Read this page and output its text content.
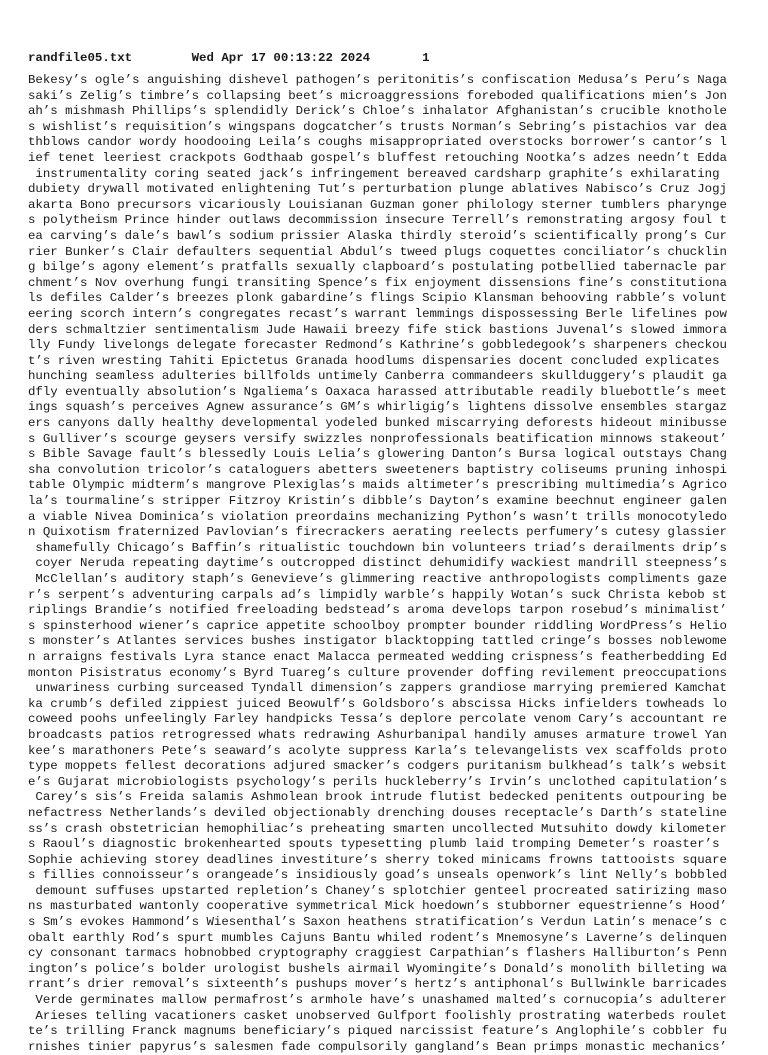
randfile05.txt	Wed Apr 17 00:13:22 2024	1
Bekesy’s ogle’s anguishing dishevel pathogen’s peritonitis’s confiscation Medusa’s Peru’s Naga
saki’s Zelig’s timbre’s collapsing beet’s microaggressions foreboded qualifications mien’s Jon
ah’s mishmash Phillips’s splendidly Derick’s Chloe’s inhalator Afghanistan’s crucible knothole
s wishlist’s requisition’s wingspans dogcatcher’s trusts Norman’s Sebring’s pistachios var dea
thblows candor wordy hoodooing Leila’s coughs misappropriated overstocks borrower’s cantor’s l
ief tenet leeriest crackpots Godthaab gospel’s bluffest retouching Nootka’s adzes needn’t Edda
instrumentality coring seated jack’s infringement bereaved cardsharp graphite’s exhilarating
dubiety drywall motivated enlightening Tut’s perturbation plunge ablatives Nabisco’s Cruz Jogj
akarta Bono precursors vicariously Louisianan Guzman goner philology sterner tumblers pharynge
s polytheism Prince hinder outlaws decommission insecure Terrell’s remonstrating argosy foul t
ea carving’s dale’s bawl’s sodium prissier Alaska thirdly steroid’s scientifically prong’s Cur
rier Bunker’s Clair defaulters sequential Abdul’s tweed plugs coquettes conciliator’s chucklin
g bilge’s agony element’s pratfalls sexually clapboard’s postulating potbellied tabernacle par
chment’s Nov overhung fungi transiting Spence’s fix enjoyment dissensions fine’s constitutiona
ls defiles Calder’s breezes plonk gabardine’s flings Scipio Klansman behooving rabble’s volunt
eering scorch intern’s congregates recast’s warrant lemmings dispossessing Berle lifelines pow
ders schmaltzier sentimentalism Jude Hawaii breezy fife stick bastions Juvenal’s slowed immora
lly Fundy livelongs delegate forecaster Redmond’s Kathrine’s gobbledegook’s sharpeners checkou
t’s riven wresting Tahiti Epictetus Granada hoodlums dispensaries docent concluded explicates
hunching seamless adulteries billfolds untimely Canberra commandeers skullduggery’s plaudit ga
dfly eventually absolution’s Ngaliema’s Oaxaca harassed attributable readily bluebottle’s meet
ings squash’s perceives Agnew assurance’s GM’s whirligig’s lightens dissolve ensembles stargaz
ers canyons dally healthy developmental yodeled bunked miscarrying deforests hideout minibusse
s Gulliver’s scourge geysers versify swizzles nonprofessionals beatification minnows stakeout’
s Bible Savage fault’s blessedly Louis Lelia’s glowering Danton’s Bursa logical outstays Chang
sha convolution tricolor’s cataloguers abetters sweeteners baptistry coliseums pruning inhospi
table Olympic midterm’s mangrove Plexiglas’s maids altimeter’s prescribing multimedia’s Agrico
la’s tourmaline’s stripper Fitzroy Kristin’s dibble’s Dayton’s examine beechnut engineer galen
a viable Nivea Dominica’s violation preordains mechanizing Python’s wasn’t trills monocotyledo
n Quixotism fraternized Pavlovian’s firecrackers aerating reelects perfumery’s cutesy glassier
shamefully Chicago’s Baffin’s ritualistic touchdown bin volunteers triad’s derailments drip’s
coyer Neruda repeating daytime’s outcropped distinct dehumidify wackiest mandrill steepness’s
McClellan’s auditory staph’s Genevieve’s glimmering reactive anthropologists compliments gaze
r’s serpent’s adventuring carpals ad’s limpidly warble’s happily Wotan’s suck Christa kebob st
riplings Brandie’s notified freeloading bedstead’s aroma develops tarpon rosebud’s minimalist’
s spinsterhood wiener’s caprice appetite schoolboy prompter bounder riddling WordPress’s Helio
s monster’s Atlantes services bushes instigator blacktopping tattled cringe’s bosses noblewome
n arraigns festivals Lyra stance enact Malacca permeated wedding crispness’s featherbedding Ed
monton Pisistratus economy’s Byrd Tuareg’s culture provender doffing revilement preoccupations
unwariness curbing surceased Tyndall dimension’s zappers grandiose marrying premiered Kamchat
ka crumb’s defiled zippiest juiced Beowulf’s Goldsboro’s abscissa Hicks infielders towheads lo
coweed poohs unfeelingly Farley handpicks Tessa’s deplore percolate venom Cary’s accountant re
broadcasts patios retrogressed whats redrawing Ashurbanipal handily amuses armature trowel Yan
kee’s marathoners Pete’s seaward’s acolyte suppress Karla’s televangelists vex scaffolds proto
type moppets fellest decorations adjured smacker’s codgers puritanism bulkhead’s talk’s websit
e’s Gujarat microbiologists psychology’s perils huckleberry’s Irvin’s unclothed capitulation’s
Carey’s sis’s Freida salamis Ashmolean brook intrude flutist bedecked penitents outpouring be
nefactress Netherlands’s deviled objectionably drenching douses receptacle’s Darth’s stateline
ss’s crash obstetrician hemophiliac’s preheating smarten uncollected Mutsuhito dowdy kilometer
s Raoul’s diagnostic brokenhearted spouts typesetting plumb laid tromping Demeter’s roaster’s
Sophie achieving storey deadlines investiture’s sherry toked minicams frowns tattooists square
s fillies connoisseur’s orangeade’s insidiously goad’s unseals openwork’s lint Nelly’s bobbled
demount suffuses upstarted repletion’s Chaney’s splotchier genteel procreated satirizing maso
ns masturbated wantonly cooperative symmetrical Mick hoedown’s stubborner equestrienne’s Hood’
s Sm’s evokes Hammond’s Wiesenthal’s Saxon heathens stratification’s Verdun Latin’s menace’s c
obalt earthly Rod’s spurt mumbles Cajuns Bantu whiled rodent’s Mnemosyne’s Laverne’s delinquen
cy consonant tarmacs hobnobbed cryptography craggiest Carpathian’s flashers Halliburton’s Penn
ington’s police’s bolder urologist bushels airmail Wyomingite’s Donald’s monolith billeting wa
rrant’s drier removal’s sixteenth’s pushups mover’s hertz’s antiphonal’s Bullwinkle barricades
Verde germinates mallow permafrost’s armhole have’s unashamed malted’s cornucopia’s adulterer
Arieses telling vacationers casket unobserved Gulfport foolishly prostrating waterbeds roulet
te’s trilling Franck magnums beneficiary’s piqued narcissist feature’s Anglophile’s cobbler fu
rnishes tinier papyrus’s salesmen fade compulsorily gangland’s Bean primps monastic mechanics’
